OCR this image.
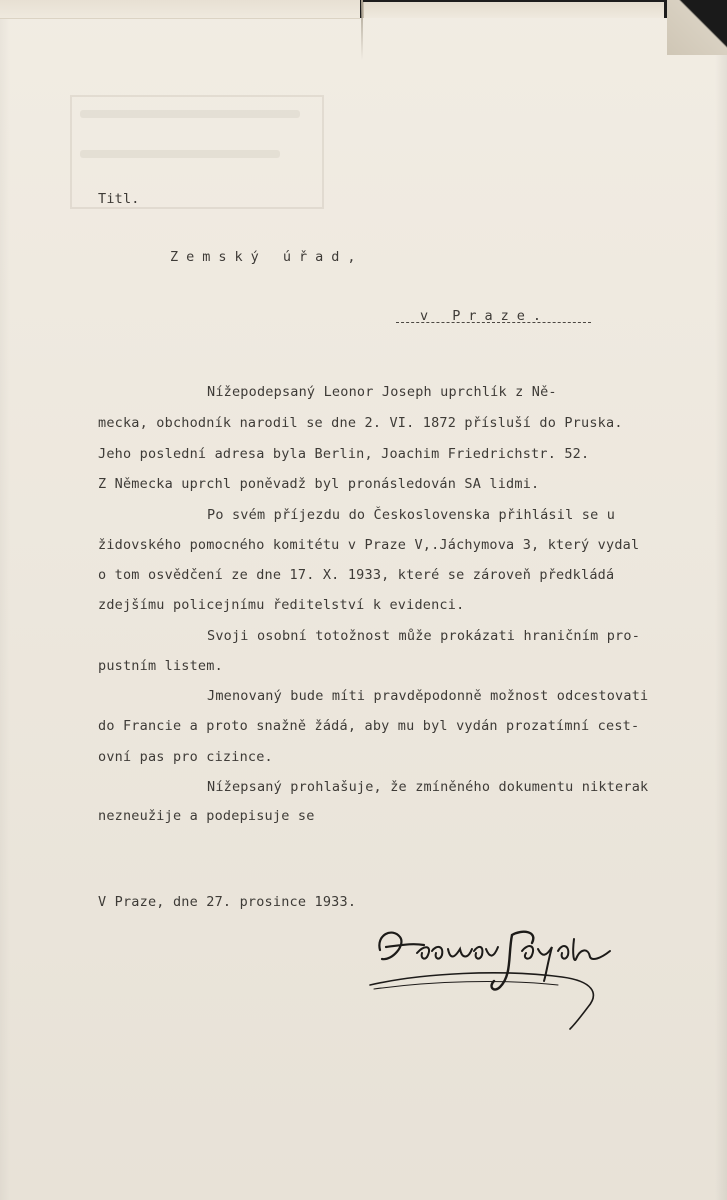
Titl.
Zemský úřad,
v Praze.
Nížepodepsaný Leonor Joseph uprchlík z Ně-
mecka, obchodník narodil se dne 2. VI. 1872 přísluší do Pruska.
Jeho poslední adresa byla Berlin, Joachim Friedrichstr. 52.
Z Německa uprchl poněvadž byl pronásledován SA lidmi.
Po svém příjezdu do Československa přihlásil se u
židovského pomocného komitétu v Praze V,.Jáchymova 3, který vydal
o tom osvědčení ze dne 17. X. 1933, které se zároveň předkládá
zdejšímu policejnímu ředitelství k evidenci.
Svoji osobní totožnost může prokázati hraničním pro-
pustním listem.
Jmenovaný bude míti pravděpodonně možnost odcestovati
do Francie a proto snažně žádá, aby mu byl vydán prozatímní cest-
ovní pas pro cizince.
Nížepsaný prohlašuje, že zmíněného dokumentu nikterak
nezneužije a podepisuje se
V Praze, dne 27. prosince 1933.
